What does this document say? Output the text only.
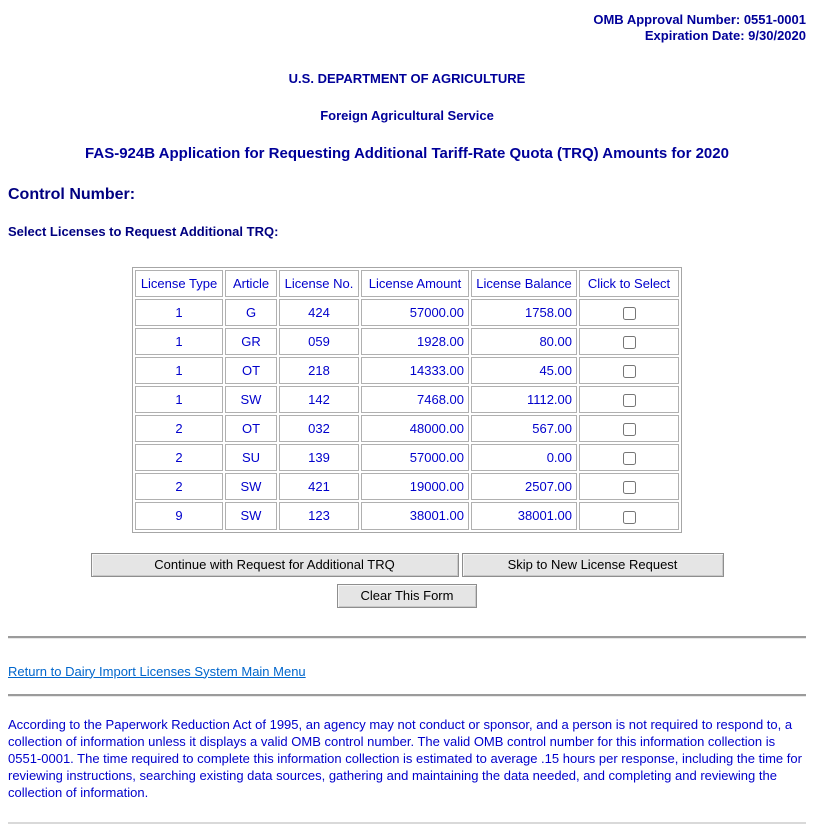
OMB Approval Number: 0551-0001
Expiration Date: 9/30/2020
U.S. DEPARTMENT OF AGRICULTURE
Foreign Agricultural Service
FAS-924B Application for Requesting Additional Tariff-Rate Quota (TRQ) Amounts for 2020
Control Number:
Select Licenses to Request Additional TRQ:
License Type	Article	License No.	License Amount	License Balance	Click to Select
1	G	424	57000.00	1758.00	
1	GR	059	1928.00	80.00	
1	OT	218	14333.00	45.00	
1	SW	142	7468.00	1112.00	
2	OT	032	48000.00	567.00	
2	SU	139	57000.00	0.00	
2	SW	421	19000.00	2507.00	
9	SW	123	38001.00	38001.00	
Continue with Request for Additional TRQ	Skip to New License Request
Clear This Form
Return to Dairy Import Licenses System Main Menu

According to the Paperwork Reduction Act of 1995, an agency may not conduct or sponsor, and a person is not required to respond to, a collection of information unless it displays a valid OMB control number. The valid OMB control number for this information collection is 0551-0001. The time required to complete this information collection is estimated to average .15 hours per response, including the time for reviewing instructions, searching existing data sources, gathering and maintaining the data needed, and completing and reviewing the collection of information.
